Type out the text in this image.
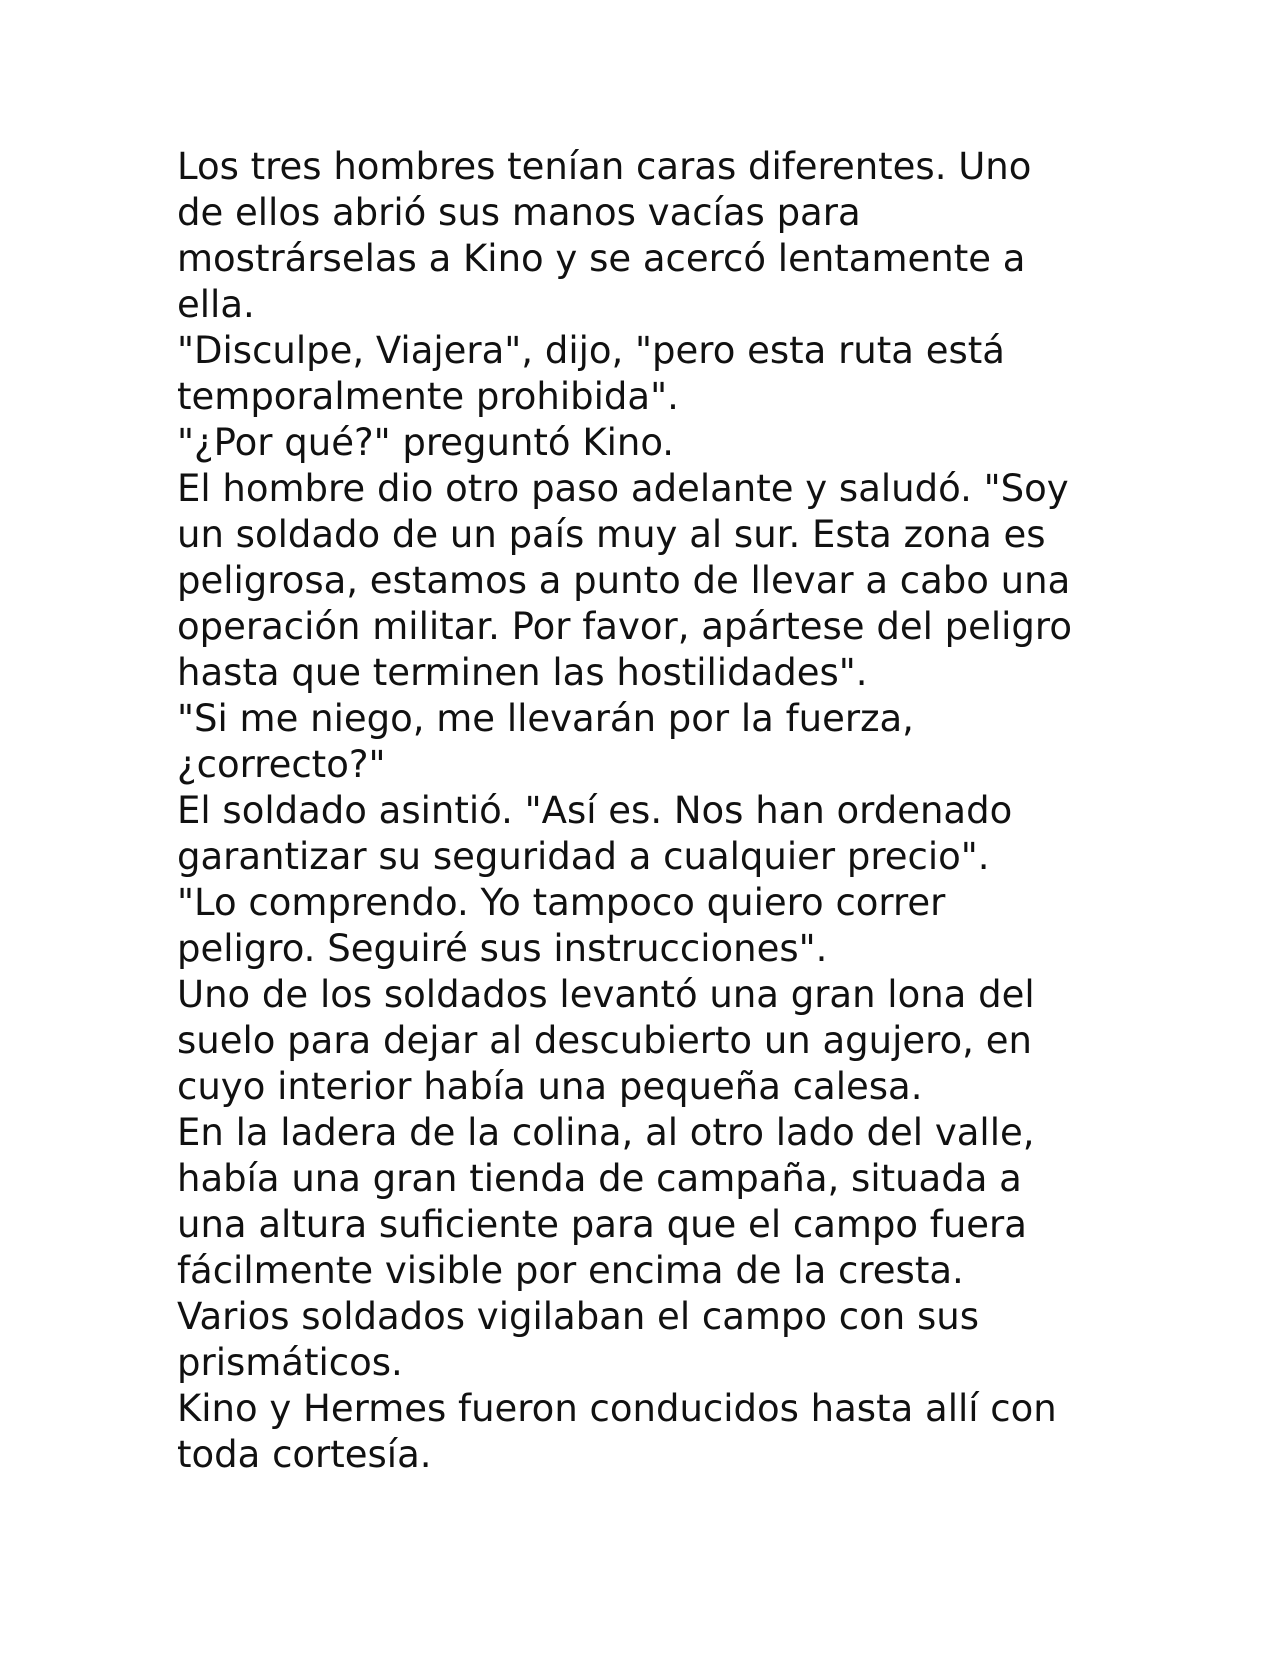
Los tres hombres tenían caras diferentes. Uno
de ellos abrió sus manos vacías para
mostrárselas a Kino y se acercó lentamente a
ella.

"Disculpe, Viajera", dijo, "pero esta ruta está
temporalmente prohibida".

"¿Por qué?" preguntó Kino.

El hombre dio otro paso adelante y saludó. "Soy
un soldado de un país muy al sur. Esta zona es
peligrosa, estamos a punto de llevar a cabo una
operación militar. Por favor, apártese del peligro
hasta que terminen las hostilidades".

"Si me niego, me llevarán por la fuerza,
¿correcto?"

El soldado asintió. "Así es. Nos han ordenado
garantizar su seguridad a cualquier precio".

"Lo comprendo. Yo tampoco quiero correr
peligro. Seguiré sus instrucciones".

Uno de los soldados levantó una gran lona del
suelo para dejar al descubierto un agujero, en
cuyo interior había una pequeña calesa.

En la ladera de la colina, al otro lado del valle,
había una gran tienda de campaña, situada a
una altura suficiente para que el campo fuera
fácilmente visible por encima de la cresta.

Varios soldados vigilaban el campo con sus
prismáticos.

Kino y Hermes fueron conducidos hasta allí con
toda cortesía.
